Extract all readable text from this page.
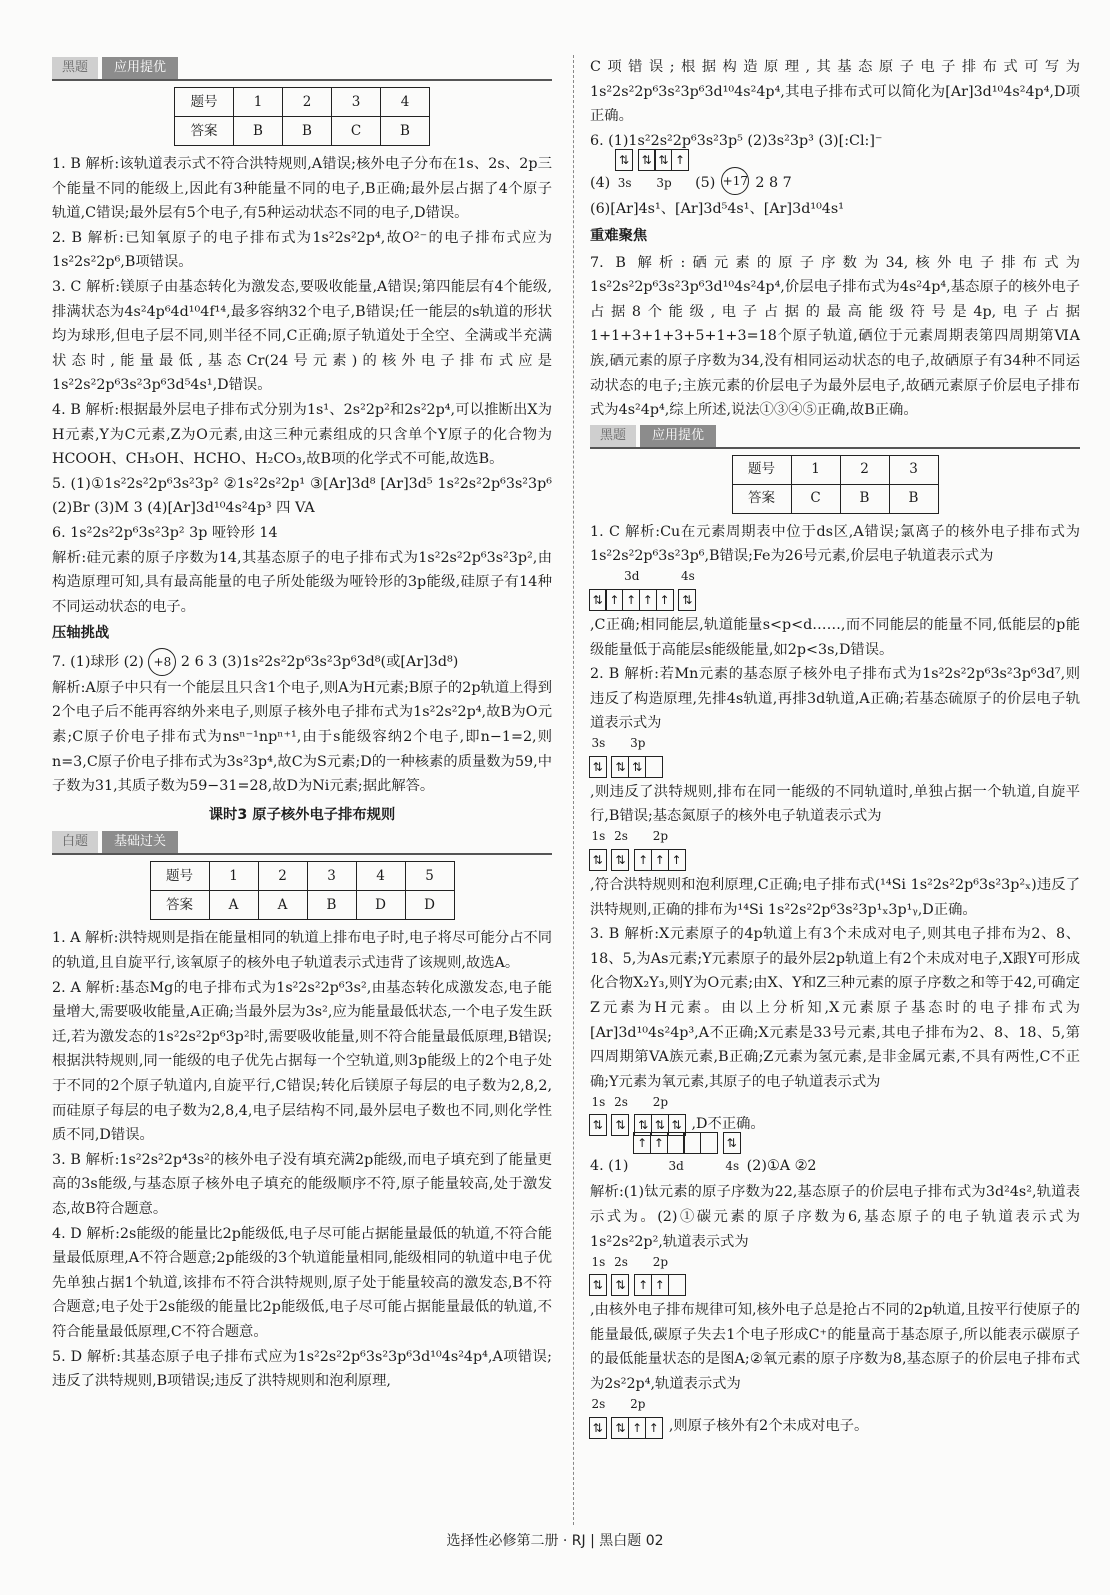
黑题	应用提优
题号	1	2	3	4
答案	B	B	C	B

1. B 解析:该轨道表示式不符合洪特规则,A错误;核外电子分布在1s、2s、2p三个能量不同的能级上,因此有3种能量不同的电子,B正确;最外层占据了4个原子轨道,C错误;最外层有5个电子,有5种运动状态不同的电子,D错误。

2. B 解析:已知氧原子的电子排布式为1s²2s²2p⁴,故O²⁻的电子排布式应为1s²2s²2p⁶,B项错误。

3. C 解析:镁原子由基态转化为激发态,要吸收能量,A错误;第四能层有4个能级,排满状态为4s²4p⁶4d¹⁰4f¹⁴,最多容纳32个电子,B错误;任一能层的s轨道的形状均为球形,但电子层不同,则半径不同,C正确;原子轨道处于全空、全满或半充满状态时,能量最低,基态Cr(24号元素)的核外电子排布式应是1s²2s²2p⁶3s²3p⁶3d⁵4s¹,D错误。

4. B 解析:根据最外层电子排布式分别为1s¹、2s²2p²和2s²2p⁴,可以推断出X为H元素,Y为C元素,Z为O元素,由这三种元素组成的只含单个Y原子的化合物为HCOOH、CH₃OH、HCHO、H₂CO₃,故B项的化学式不可能,故选B。

5. (1)①1s²2s²2p⁶3s²3p² ②1s²2s²2p¹ ③[Ar]3d⁸ [Ar]3d⁵ 1s²2s²2p⁶3s²3p⁶ (2)Br (3)M 3 (4)[Ar]3d¹⁰4s²4p³ 四 VA

6. 1s²2s²2p⁶3s²3p² 3p 哑铃形 14

解析:硅元素的原子序数为14,其基态原子的电子排布式为1s²2s²2p⁶3s²3p²,由构造原理可知,具有最高能量的电子所处能级为哑铃形的3p能级,硅原子有14种不同运动状态的电子。

压轴挑战

7. (1)球形 (2) +8 2 6 3 (3)1s²2s²2p⁶3s²3p⁶3d⁸(或[Ar]3d⁸)

解析:A原子中只有一个能层且只含1个电子,则A为H元素;B原子的2p轨道上得到2个电子后不能再容纳外来电子,则原子核外电子排布式为1s²2s²2p⁴,故B为O元素;C原子价电子排布式为nsⁿ⁻¹npⁿ⁺¹,由于s能级容纳2个电子,即n−1=2,则n=3,C原子价电子排布式为3s²3p⁴,故C为S元素;D的一种核素的质量数为59,中子数为31,其质子数为59−31=28,故D为Ni元素;据此解答。

课时3 原子核外电子排布规则
白题	基础过关
题号	1	2	3	4	5
答案	A	A	B	D	D

1. A 解析:洪特规则是指在能量相同的轨道上排布电子时,电子将尽可能分占不同的轨道,且自旋平行,该氧原子的核外电子轨道表示式违背了该规则,故选A。

2. A 解析:基态Mg的电子排布式为1s²2s²2p⁶3s²,由基态转化成激发态,电子能量增大,需要吸收能量,A正确;当最外层为3s²,应为能量最低状态,一个电子发生跃迁,若为激发态的1s²2s²2p⁶3p²时,需要吸收能量,则不符合能量最低原理,B错误;根据洪特规则,同一能级的电子优先占据每一个空轨道,则3p能级上的2个电子处于不同的2个原子轨道内,自旋平行,C错误;转化后镁原子每层的电子数为2,8,2,而硅原子每层的电子数为2,8,4,电子层结构不同,最外层电子数也不同,则化学性质不同,D错误。

3. B 解析:1s²2s²2p⁴3s²的核外电子没有填充满2p能级,而电子填充到了能量更高的3s能级,与基态原子核外电子填充的能级顺序不符,原子能量较高,处于激发态,故B符合题意。

4. D 解析:2s能级的能量比2p能级低,电子尽可能占据能量最低的轨道,不符合能量最低原理,A不符合题意;2p能级的3个轨道能量相同,能级相同的轨道中电子优先单独占据1个轨道,该排布不符合洪特规则,原子处于能量较高的激发态,B不符合题意;电子处于2s能级的能量比2p能级低,电子尽可能占据能量最低的轨道,不符合能量最低原理,C不符合题意。

5. D 解析:其基态原子电子排布式应为1s²2s²2p⁶3s²3p⁶3d¹⁰4s²4p⁴,A项错误;违反了洪特规则,B项错误;违反了洪特规则和泡利原理,

C项错误;根据构造原理,其基态原子电子排布式可写为1s²2s²2p⁶3s²3p⁶3d¹⁰4s²4p⁴,其电子排布式可以简化为[Ar]3d¹⁰4s²4p⁴,D项正确。

6. (1)1s²2s²2p⁶3s²3p⁵ (2)3s²3p³ (3)[:Cl:]⁻

(4)
⇅
3s
⇅ ⇅ ↑
3p (5) +17 2 8 7

(6)[Ar]4s¹、[Ar]3d⁵4s¹、[Ar]3d¹⁰4s¹

重难聚焦

7. B 解析:硒元素的原子序数为34,核外电子排布式为1s²2s²2p⁶3s²3p⁶3d¹⁰4s²4p⁴,价层电子排布式为4s²4p⁴,基态原子的核外电子占据8个能级,电子占据的最高能级符号是4p,电子占据1+1+3+1+3+5+1+3=18个原子轨道,硒位于元素周期表第四周期第ⅥA族,硒元素的原子序数为34,没有相同运动状态的电子,故硒原子有34种不同运动状态的电子;主族元素的价层电子为最外层电子,故硒元素原子价层电子排布式为4s²4p⁴,综上所述,说法①③④⑤正确,故B正确。

黑题	应用提优
题号	1	2	3
答案	C	B	B

1. C 解析:Cu在元素周期表中位于ds区,A错误;氯离子的核外电子排布式为1s²2s²2p⁶3s²3p⁶,B错误;Fe为26号元素,价层电子轨道表示式为

3d
⇅ ↑ ↑ ↑ ↑
4s
⇅

,C正确;相同能层,轨道能量s<p<d……,而不同能层的能量不同,低能层的p能级能量低于高能层s能级能量,如2p<3s,D错误。

2. B 解析:若Mn元素的基态原子核外电子排布式为1s²2s²2p⁶3s²3p⁶3d⁷,则违反了构造原理,先排4s轨道,再排3d轨道,A正确;若基态硫原子的价层电子轨道表示式为

3s
⇅
3p
⇅ ⇅

,则违反了洪特规则,排布在同一能级的不同轨道时,单独占据一个轨道,自旋平行,B错误;基态氮原子的核外电子轨道表示式为

1s
⇅
2s
⇅
2p
↑ ↑ ↑

,符合洪特规则和泡利原理,C正确;电子排布式(¹⁴Si 1s²2s²2p⁶3s²3p²ₓ)违反了洪特规则,正确的排布为¹⁴Si 1s²2s²2p⁶3s²3p¹ₓ3p¹ᵧ,D正确。

3. B 解析:X元素原子的4p轨道上有3个未成对电子,则其电子排布为2、8、18、5,为As元素;Y元素原子的最外层2p轨道上有2个未成对电子,X跟Y可形成化合物X₂Y₃,则Y为O元素;由X、Y和Z三种元素的原子序数之和等于42,可确定Z元素为H元素。由以上分析知,X元素原子基态时的电子排布式为[Ar]3d¹⁰4s²4p³,A不正确;X元素是33号元素,其电子排布为2、8、18、5,第四周期第VA族元素,B正确;Z元素为氢元素,是非金属元素,不具有两性,C不正确;Y元素为氧元素,其原子的电子轨道表示式为

1s
⇅
2s
⇅
2p
⇅ ⇅ ⇅ ,D不正确。
4. (1)
↑ ↑
3d
⇅
4s (2)①A ②2

解析:(1)钛元素的原子序数为22,基态原子的价层电子排布式为3d²4s²,轨道表示式为。(2)①碳元素的原子序数为6,基态原子的电子轨道表示式为1s²2s²2p²,轨道表示式为

1s
⇅
2s
⇅
2p
↑ ↑

,由核外电子排布规律可知,核外电子总是抢占不同的2p轨道,且按平行使原子的能量最低,碳原子失去1个电子形成C⁺的能量高于基态原子,所以能表示碳原子的最低能量状态的是图A;②氧元素的原子序数为8,基态原子的价层电子排布式为2s²2p⁴,轨道表示式为

2s
⇅
2p
⇅ ↑ ↑ ,则原子核外有2个未成对电子。
选择性必修第二册 · RJ | 黑白题 02
